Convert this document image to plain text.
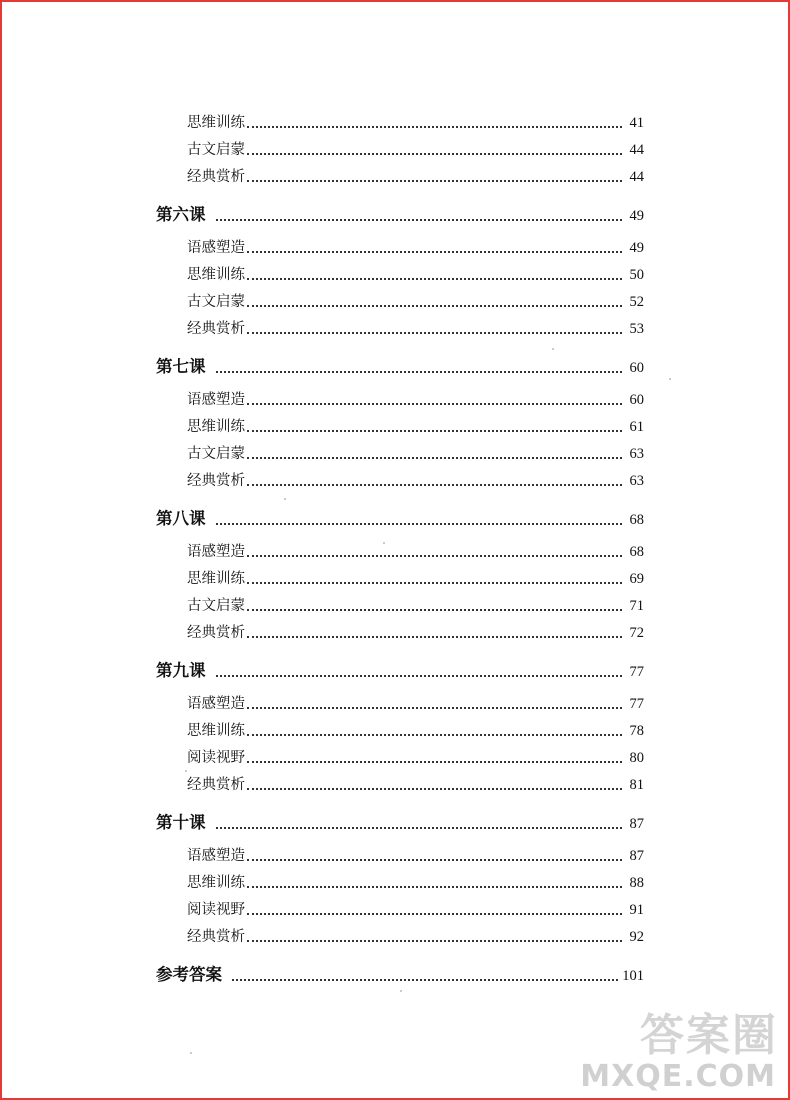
思维训练	41
古文启蒙	44
经典赏析	44
第六课	49
语感塑造	49
思维训练	50
古文启蒙	52
经典赏析	53
第七课	60
语感塑造	60
思维训练	61
古文启蒙	63
经典赏析	63
第八课	68
语感塑造	68
思维训练	69
古文启蒙	71
经典赏析	72
第九课	77
语感塑造	77
思维训练	78
阅读视野	80
经典赏析	81
第十课	87
语感塑造	87
思维训练	88
阅读视野	91
经典赏析	92
参考答案	101
答案圈
MXQE.COM
